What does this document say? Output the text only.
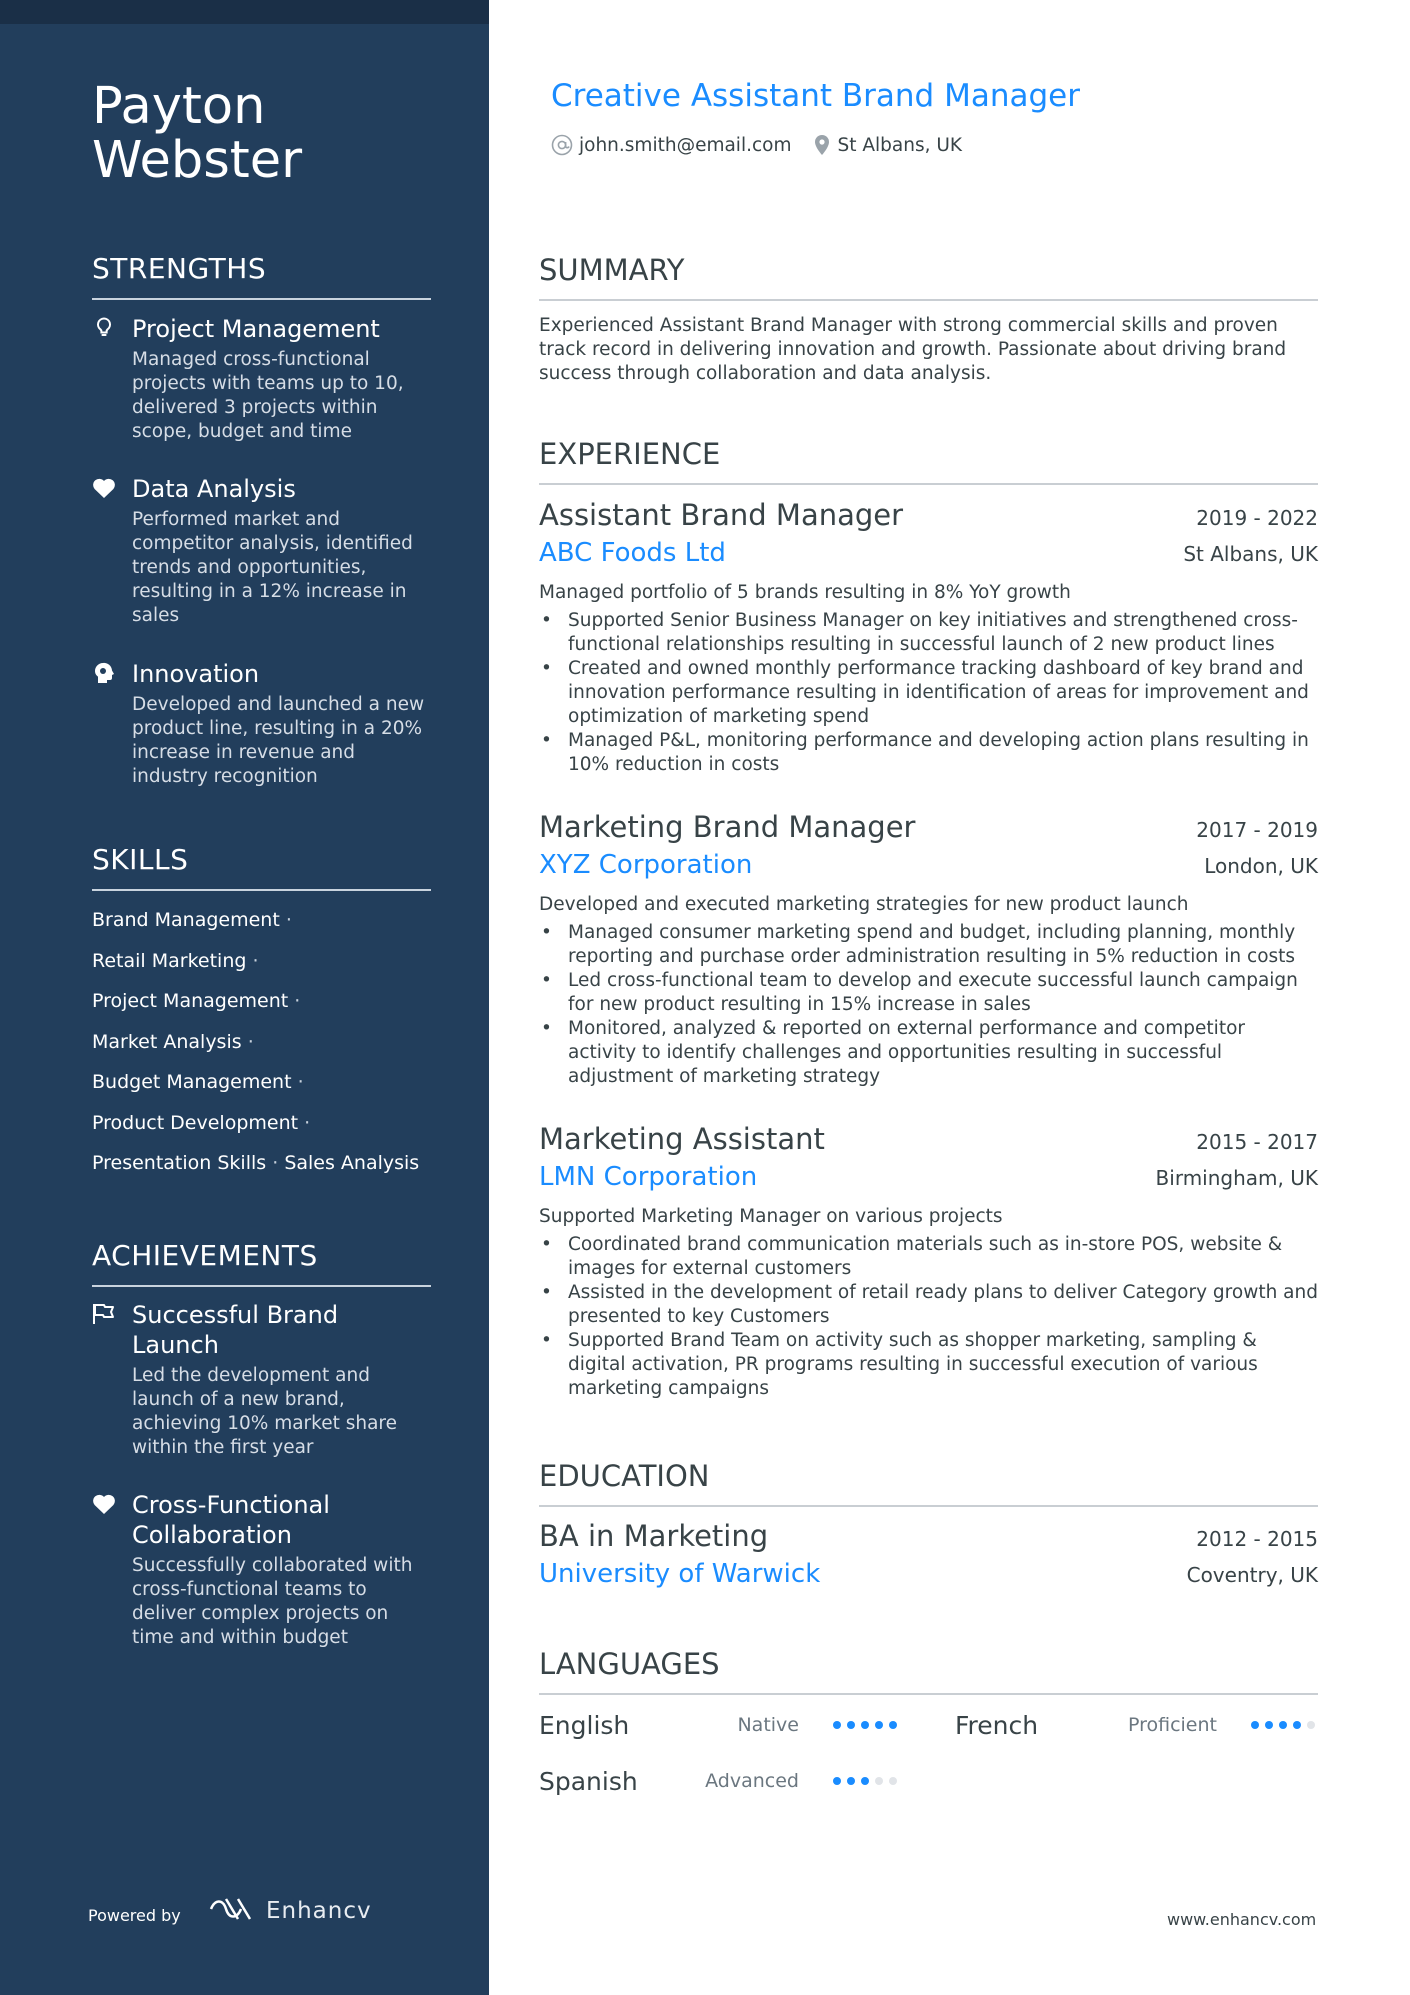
Payton
Webster
STRENGTHS
Project Management
Managed cross-functional projects with teams up to 10, delivered 3 projects within scope, budget and time
Data Analysis
Performed market and competitor analysis, identified trends and opportunities, resulting in a 12% increase in sales
Innovation
Developed and launched a new product line, resulting in a 20% increase in revenue and industry recognition
SKILLS
Brand Management ·
Retail Marketing ·
Project Management ·
Market Analysis ·
Budget Management ·
Product Development ·
Presentation Skills · Sales Analysis
ACHIEVEMENTS
Successful Brand
Launch
Led the development and launch of a new brand, achieving 10% market share within the first year
Cross-Functional
Collaboration
Successfully collaborated with cross-functional teams to deliver complex projects on time and within budget
Powered by	Enhancv
Creative Assistant Brand Manager
john.smith@email.com St Albans, UK
SUMMARY
Experienced Assistant Brand Manager with strong commercial skills and proven track record in delivering innovation and growth. Passionate about driving brand success through collaboration and data analysis.
EXPERIENCE
Assistant Brand Manager	2019 - 2022
ABC Foods Ltd	St Albans, UK
Managed portfolio of 5 brands resulting in 8% YoY growth
• Supported Senior Business Manager on key initiatives and strengthened cross-functional relationships resulting in successful launch of 2 new product lines
• Created and owned monthly performance tracking dashboard of key brand and innovation performance resulting in identification of areas for improvement and optimization of marketing spend
• Managed P&L, monitoring performance and developing action plans resulting in 10% reduction in costs
Marketing Brand Manager	2017 - 2019
XYZ Corporation	London, UK
Developed and executed marketing strategies for new product launch
• Managed consumer marketing spend and budget, including planning, monthly reporting and purchase order administration resulting in 5% reduction in costs
• Led cross-functional team to develop and execute successful launch campaign for new product resulting in 15% increase in sales
• Monitored, analyzed & reported on external performance and competitor activity to identify challenges and opportunities resulting in successful adjustment of marketing strategy
Marketing Assistant	2015 - 2017
LMN Corporation	Birmingham, UK
Supported Marketing Manager on various projects
• Coordinated brand communication materials such as in-store POS, website & images for external customers
• Assisted in the development of retail ready plans to deliver Category growth and presented to key Customers
• Supported Brand Team on activity such as shopper marketing, sampling & digital activation, PR programs resulting in successful execution of various marketing campaigns
EDUCATION
BA in Marketing	2012 - 2015
University of Warwick	Coventry, UK
LANGUAGES
English	Native	French	Proficient
Spanish	Advanced
www.enhancv.com
